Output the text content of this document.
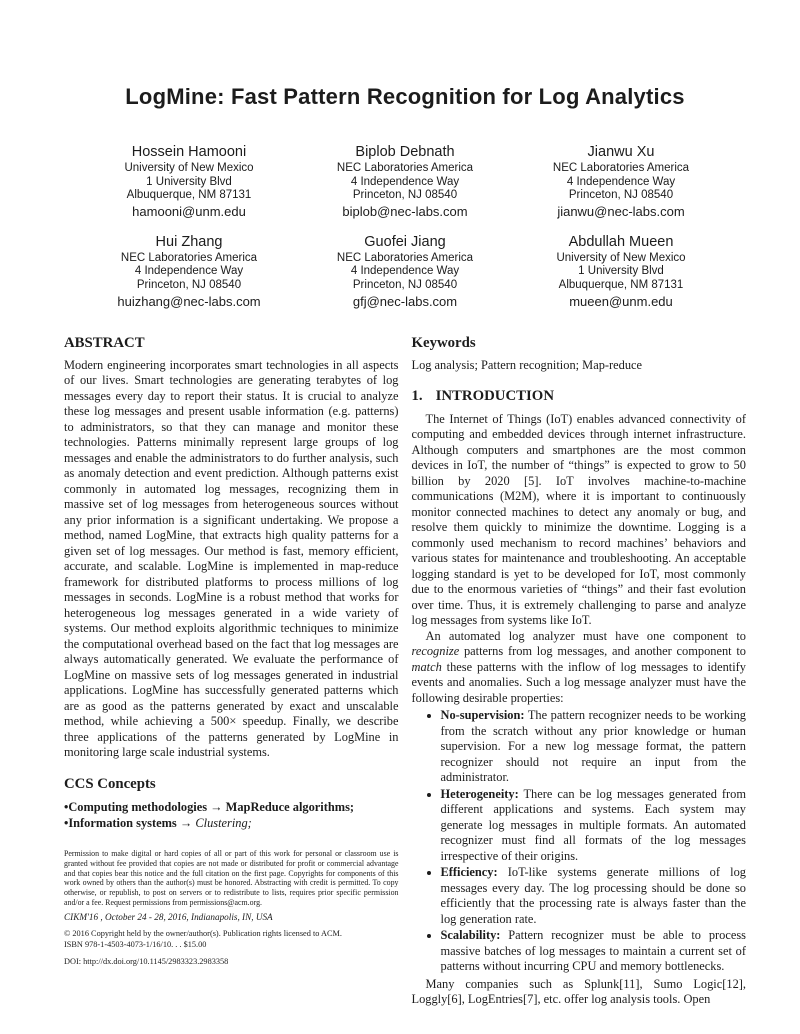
LogMine: Fast Pattern Recognition for Log Analytics
Hossein Hamooni
University of New Mexico
1 University Blvd
Albuquerque, NM 87131
hamooni@unm.edu
Biplob Debnath
NEC Laboratories America
4 Independence Way
Princeton, NJ 08540
biplob@nec-labs.com
Jianwu Xu
NEC Laboratories America
4 Independence Way
Princeton, NJ 08540
jianwu@nec-labs.com
Hui Zhang
NEC Laboratories America
4 Independence Way
Princeton, NJ 08540
huizhang@nec-labs.com
Guofei Jiang
NEC Laboratories America
4 Independence Way
Princeton, NJ 08540
gfj@nec-labs.com
Abdullah Mueen
University of New Mexico
1 University Blvd
Albuquerque, NM 87131
mueen@unm.edu
ABSTRACT

Modern engineering incorporates smart technologies in all aspects of our lives. Smart technologies are generating terabytes of log messages every day to report their status. It is crucial to analyze these log messages and present usable information (e.g. patterns) to administrators, so that they can manage and monitor these technologies. Patterns minimally represent large groups of log messages and enable the administrators to do further analysis, such as anomaly detection and event prediction. Although patterns exist commonly in automated log messages, recognizing them in massive set of log messages from heterogeneous sources without any prior information is a significant undertaking. We propose a method, named LogMine, that extracts high quality patterns for a given set of log messages. Our method is fast, memory efficient, accurate, and scalable. LogMine is implemented in map-reduce framework for distributed platforms to process millions of log messages in seconds. LogMine is a robust method that works for heterogeneous log messages generated in a wide variety of systems. Our method exploits algorithmic techniques to minimize the computational overhead based on the fact that log messages are always automatically generated. We evaluate the performance of LogMine on massive sets of log messages generated in industrial applications. LogMine has successfully generated patterns which are as good as the patterns generated by exact and unscalable method, while achieving a 500× speedup. Finally, we describe three applications of the patterns generated by LogMine in monitoring large scale industrial systems.

CCS Concepts
•Computing methodologies → MapReduce algorithms;
•Information systems → Clustering;
Permission to make digital or hard copies of all or part of this work for personal or classroom use is granted without fee provided that copies are not made or distributed for profit or commercial advantage and that copies bear this notice and the full citation on the first page. Copyrights for components of this work owned by others than the author(s) must be honored. Abstracting with credit is permitted. To copy otherwise, or republish, to post on servers or to redistribute to lists, requires prior specific permission and/or a fee. Request permissions from permissions@acm.org.
CIKM'16 , October 24 - 28, 2016, Indianapolis, IN, USA
© 2016 Copyright held by the owner/author(s). Publication rights licensed to ACM.
ISBN 978-1-4503-4073-1/16/10. . . $15.00
DOI: http://dx.doi.org/10.1145/2983323.2983358
Keywords

Log analysis; Pattern recognition; Map-reduce

1. INTRODUCTION

The Internet of Things (IoT) enables advanced connectivity of computing and embedded devices through internet infrastructure. Although computers and smartphones are the most common devices in IoT, the number of “things” is expected to grow to 50 billion by 2020 [5]. IoT involves machine-to-machine communications (M2M), where it is important to continuously monitor connected machines to detect any anomaly or bug, and resolve them quickly to minimize the downtime. Logging is a commonly used mechanism to record machines’ behaviors and various states for maintenance and troubleshooting. An acceptable logging standard is yet to be developed for IoT, most commonly due to the enormous varieties of “things” and their fast evolution over time. Thus, it is extremely challenging to parse and analyze log messages from systems like IoT.

An automated log analyzer must have one component to recognize patterns from log messages, and another component to match these patterns with the inflow of log messages to identify events and anomalies. Such a log message analyzer must have the following desirable properties:

• No-supervision: The pattern recognizer needs to be working from the scratch without any prior knowledge or human supervision. For a new log message format, the pattern recognizer should not require an input from the administrator.
• Heterogeneity: There can be log messages generated from different applications and systems. Each system may generate log messages in multiple formats. An automated recognizer must find all formats of the log messages irrespective of their origins.
• Efficiency: IoT-like systems generate millions of log messages every day. The log processing should be done so efficiently that the processing rate is always faster than the log generation rate.
• Scalability: Pattern recognizer must be able to process massive batches of log messages to maintain a current set of patterns without incurring CPU and memory bottlenecks.

Many companies such as Splunk[11], Sumo Logic[12], Loggly[6], LogEntries[7], etc. offer log analysis tools. Open
